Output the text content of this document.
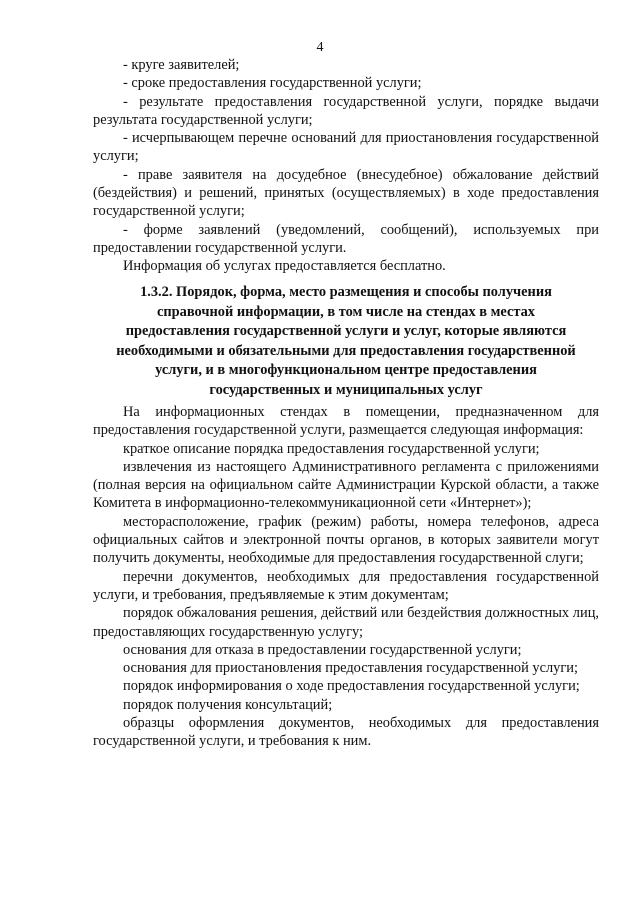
4

- круге заявителей;

- сроке предоставления государственной услуги;

- результате предоставления государственной услуги, порядке выдачи результата государственной услуги;

- исчерпывающем перечне оснований для приостановления государственной услуги;

- праве заявителя на досудебное (внесудебное) обжалование действий (бездействия) и решений, принятых (осуществляемых) в ходе предоставления государственной услуги;

- форме заявлений (уведомлений, сообщений), используемых при предоставлении государственной услуги.

Информация об услугах предоставляется бесплатно.

1.3.2. Порядок, форма, место размещения и способы получения
справочной информации, в том числе на стендах в местах
предоставления государственной услуги и услуг, которые являются
необходимыми и обязательными для предоставления государственной
услуги, и в многофункциональном центре предоставления
государственных и муниципальных услуг

На информационных стендах в помещении, предназначенном для предоставления государственной услуги, размещается следующая информация:

краткое описание порядка предоставления государственной услуги;

извлечения из настоящего Административного регламента с приложениями (полная версия на официальном сайте Администрации Курской области, а также Комитета в информационно-телекоммуникационной сети «Интернет»);

месторасположение, график (режим) работы, номера телефонов, адреса официальных сайтов и электронной почты органов, в которых заявители могут получить документы, необходимые для предоставления государственной слуги;

перечни документов, необходимых для предоставления государственной услуги, и требования, предъявляемые к этим документам;

порядок обжалования решения, действий или бездействия должностных лиц, предоставляющих государственную услугу;

основания для отказа в предоставлении государственной услуги;

основания для приостановления предоставления государственной услуги;

порядок информирования о ходе предоставления государственной услуги;

порядок получения консультаций;

образцы оформления документов, необходимых для предоставления государственной услуги, и требования к ним.
